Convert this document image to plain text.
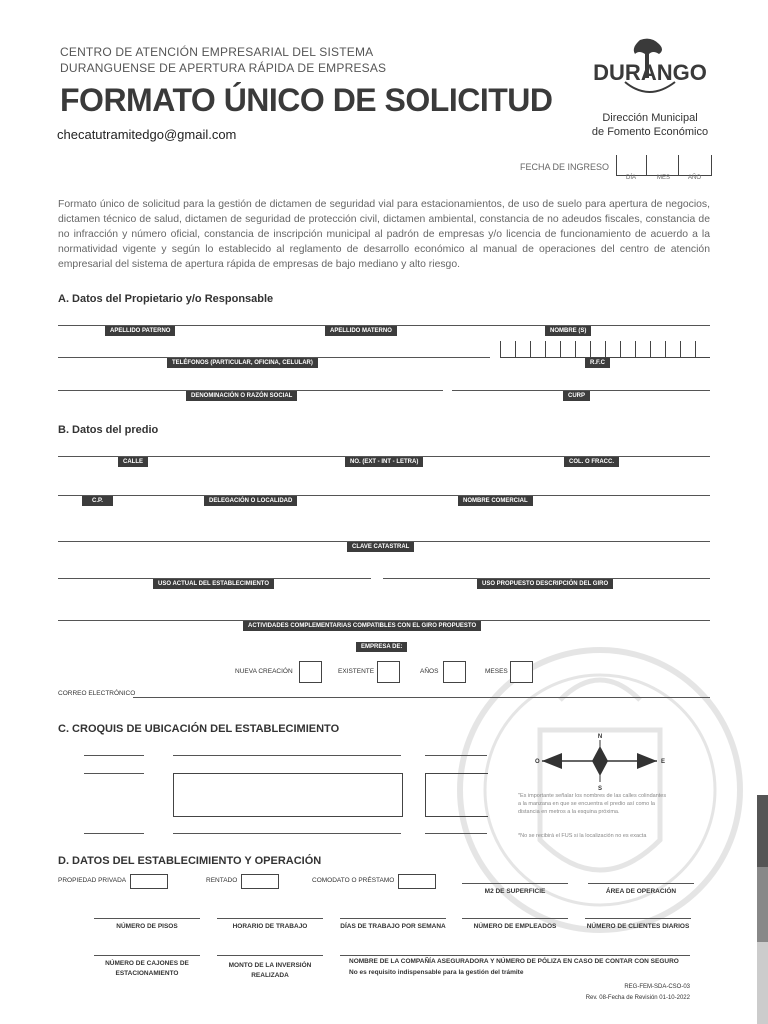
CENTRO DE ATENCIÓN EMPRESARIAL DEL SISTEMA
DURANGUENSE DE APERTURA RÁPIDA DE EMPRESAS
FORMATO ÚNICO DE SOLICITUD
checatutramitedgo@gmail.com
DURANGO
Dirección Municipal
de Fomento Económico
FECHA DE INGRESO
DÍA	MES	AÑO
Formato único de solicitud para la gestión de dictamen de seguridad vial para estacionamientos, de uso de suelo para apertura de negocios, dictamen técnico de salud, dictamen de seguridad de protección civil, dictamen ambiental, constancia de no adeudos fiscales, constancia de no infracción y número oficial, constancia de inscripción municipal al padrón de empresas y/o licencia de funcionamiento de acuerdo a la normatividad vigente y según lo establecido al reglamento de desarrollo económico al manual de operaciones del centro de atención empresarial del sistema de apertura rápida de empresas de bajo mediano y alto riesgo.
A. Datos del Propietario y/o Responsable
APELLIDO PATERNO	APELLIDO MATERNO	NOMBRE (S)
TELÉFONOS (PARTICULAR, OFICINA, CELULAR)	R.F.C
DENOMINACIÓN O RAZÓN SOCIAL	CURP
B. Datos del predio
CALLE	NO. (EXT - INT - LETRA)	COL. O FRACC.
C.P.	DELEGACIÓN O LOCALIDAD	NOMBRE COMERCIAL
CLAVE CATASTRAL
USO ACTUAL DEL ESTABLECIMIENTO	USO PROPUESTO DESCRIPCIÓN DEL GIRO
ACTIVIDADES COMPLEMENTARIAS COMPATIBLES CON EL GIRO PROPUESTO
EMPRESA DE:
NUEVA CREACIÓN	EXISTENTE	AÑOS	MESES
CORREO ELECTRÓNICO
C. CROQUIS DE UBICACIÓN DEL ESTABLECIMIENTO
N
S
O	E
"Es importante señalar los nombres de las calles colindantes
a la manzana en que se encuentra el predio así como la
distancia en metros a la esquina próxima.
*No se recibirá el FUS si la localización no es exacta
D. DATOS DEL ESTABLECIMIENTO Y OPERACIÓN
PROPIEDAD PRIVADA	RENTADO	COMODATO O PRÉSTAMO
M2 DE SUPERFICIE	ÁREA DE OPERACIÓN
NÚMERO DE PISOS	HORARIO DE TRABAJO	DÍAS DE TRABAJO POR SEMANA	NÚMERO DE EMPLEADOS	NÚMERO DE CLIENTES DIARIOS
NÚMERO DE CAJONES DE
ESTACIONAMIENTO
MONTO DE LA INVERSIÓN
REALIZADA
NOMBRE DE LA COMPAÑÍA ASEGURADORA Y NÚMERO DE PÓLIZA EN CASO DE CONTAR CON SEGURO
No es requisito indispensable para la gestión del trámite
REG-FEM-SDA-CSO-03
Rev. 08-Fecha de Revisión 01-10-2022
